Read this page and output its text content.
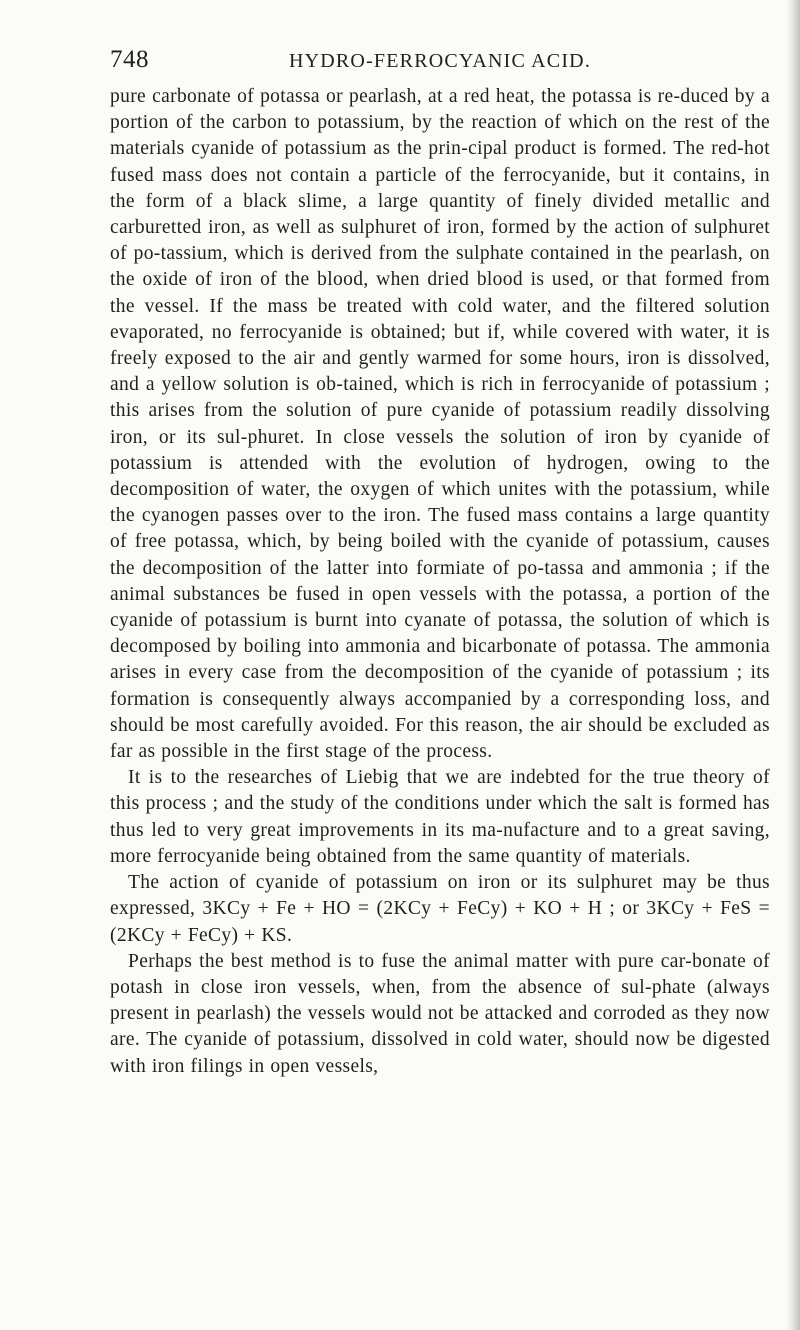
748	HYDRO-FERROCYANIC ACID.

pure carbonate of potassa or pearlash, at a red heat, the potassa is re-duced by a portion of the carbon to potassium, by the reaction of which on the rest of the materials cyanide of potassium as the prin-cipal product is formed. The red-hot fused mass does not contain a particle of the ferrocyanide, but it contains, in the form of a black slime, a large quantity of finely divided metallic and carburetted iron, as well as sulphuret of iron, formed by the action of sulphuret of po-tassium, which is derived from the sulphate contained in the pearlash, on the oxide of iron of the blood, when dried blood is used, or that formed from the vessel. If the mass be treated with cold water, and the filtered solution evaporated, no ferrocyanide is obtained; but if, while covered with water, it is freely exposed to the air and gently warmed for some hours, iron is dissolved, and a yellow solution is ob-tained, which is rich in ferrocyanide of potassium ; this arises from the solution of pure cyanide of potassium readily dissolving iron, or its sul-phuret. In close vessels the solution of iron by cyanide of potassium is attended with the evolution of hydrogen, owing to the decomposition of water, the oxygen of which unites with the potassium, while the cyanogen passes over to the iron. The fused mass contains a large quantity of free potassa, which, by being boiled with the cyanide of potassium, causes the decomposition of the latter into formiate of po-tassa and ammonia ; if the animal substances be fused in open vessels with the potassa, a portion of the cyanide of potassium is burnt into cyanate of potassa, the solution of which is decomposed by boiling into ammonia and bicarbonate of potassa. The ammonia arises in every case from the decomposition of the cyanide of potassium ; its formation is consequently always accompanied by a corresponding loss, and should be most carefully avoided. For this reason, the air should be excluded as far as possible in the first stage of the process.

It is to the researches of Liebig that we are indebted for the true theory of this process ; and the study of the conditions under which the salt is formed has thus led to very great improvements in its ma-nufacture and to a great saving, more ferrocyanide being obtained from the same quantity of materials.

The action of cyanide of potassium on iron or its sulphuret may be thus expressed, 3KCy + Fe + HO = (2KCy + FeCy) + KO + H ; or 3KCy + FeS = (2KCy + FeCy) + KS.

Perhaps the best method is to fuse the animal matter with pure car-bonate of potash in close iron vessels, when, from the absence of sul-phate (always present in pearlash) the vessels would not be attacked and corroded as they now are. The cyanide of potassium, dissolved in cold water, should now be digested with iron filings in open vessels,
